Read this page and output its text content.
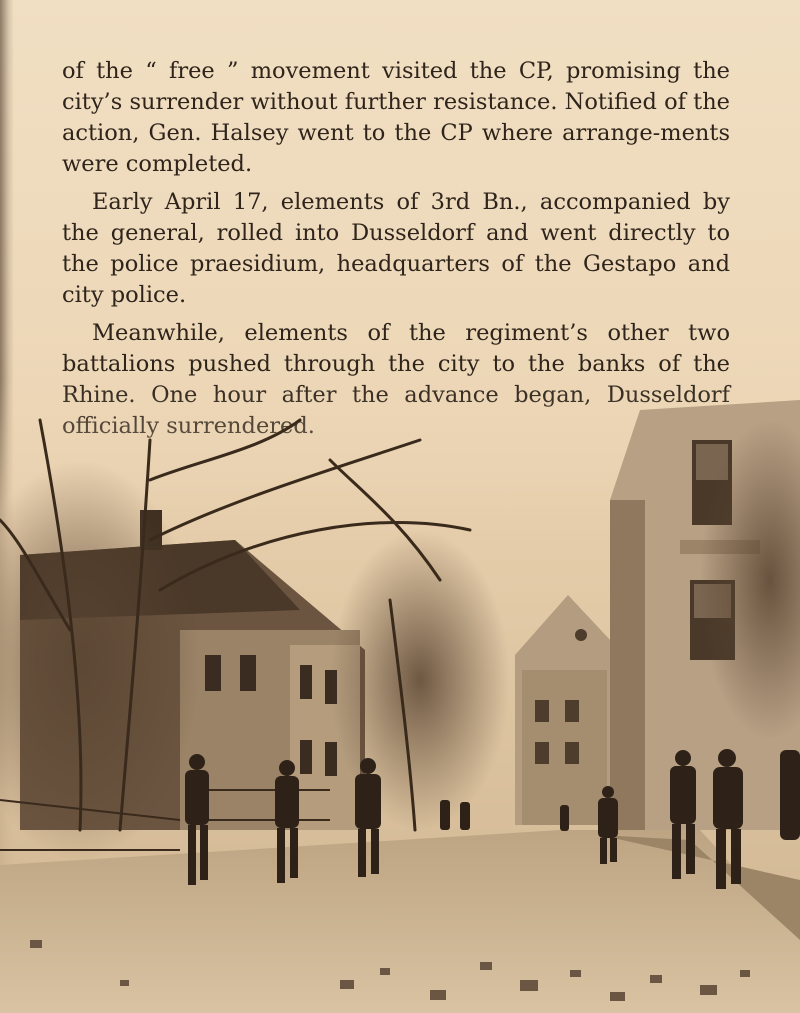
of the “ free ” movement visited the CP, promising the city’s surrender without further resistance. Notified of the action, Gen. Halsey went to the CP where arrange-ments were completed.

Early April 17, elements of 3rd Bn., accompanied by the general, rolled into Dusseldorf and went directly to the police praesidium, headquarters of the Gestapo and city police.

Meanwhile, elements of the regiment’s other two battalions pushed through the city to the banks of the
